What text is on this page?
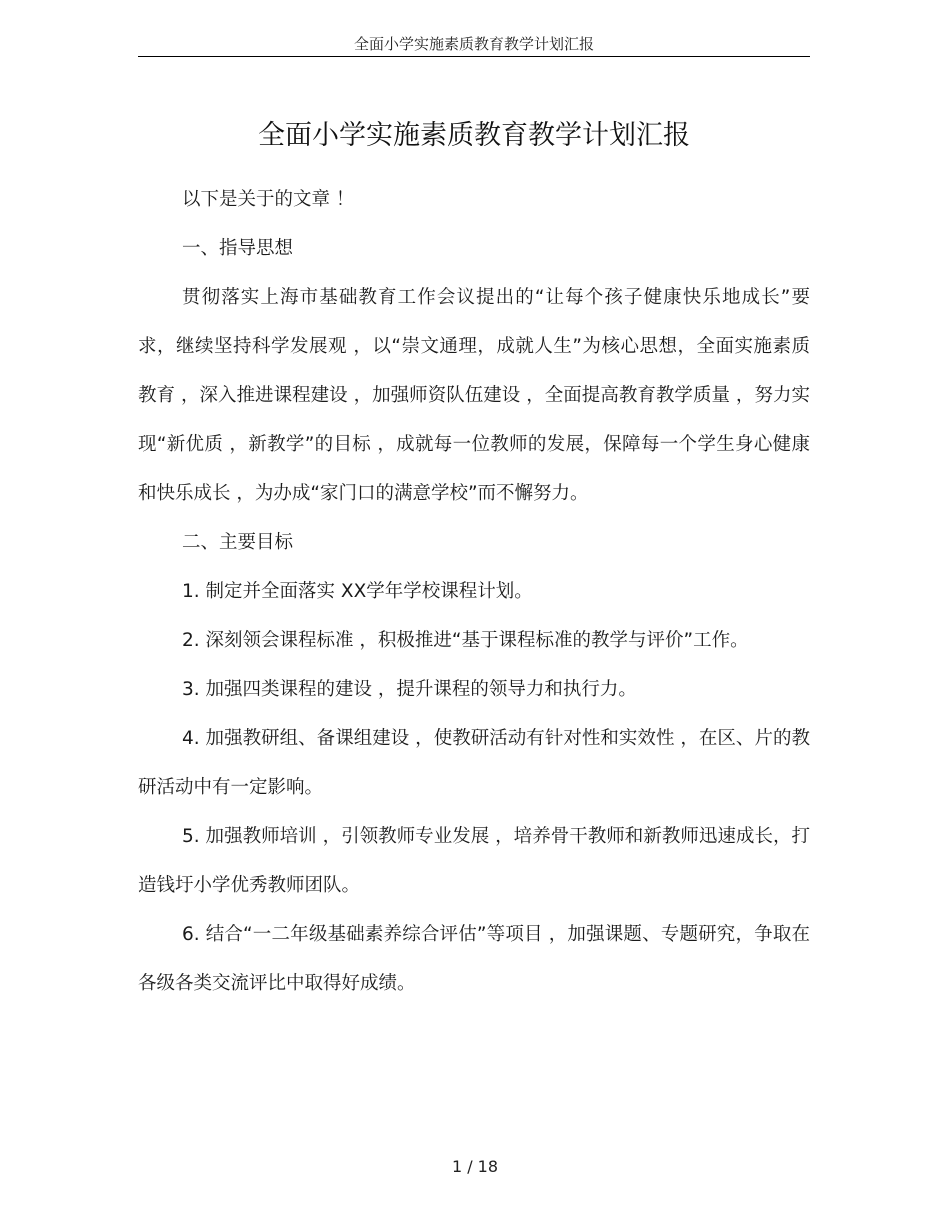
全面小学实施素质教育教学计划汇报
全面小学实施素质教育教学计划汇报

以下是关于的文章 ！

一、指导思想

贯彻落实上海市基础教育工作会议提出的“让每个孩子健康快乐地成长”要求，继续坚持科学发展观 ，以“崇文通理，成就人生”为核心思想，全面实施素质教育 ，深入推进课程建设 ，加强师资队伍建设 ，全面提高教育教学质量 ，努力实现“新优质 ，新教学”的目标 ，成就每一位教师的发展，保障每一个学生身心健康和快乐成长 ，为办成“家门口的满意学校”而不懈努力。

二、主要目标

1. 制定并全面落实 XX学年学校课程计划。

2. 深刻领会课程标准 ，积极推进“基于课程标准的教学与评价”工作。

3. 加强四类课程的建设 ，提升课程的领导力和执行力。

4. 加强教研组、备课组建设 ，使教研活动有针对性和实效性 ，在区、片的教研活动中有一定影响。

5. 加强教师培训 ，引领教师专业发展 ，培养骨干教师和新教师迅速成长，打造钱圩小学优秀教师团队。

6. 结合“一二年级基础素养综合评估”等项目 ，加强课题、专题研究，争取在各级各类交流评比中取得好成绩。

1 / 18
